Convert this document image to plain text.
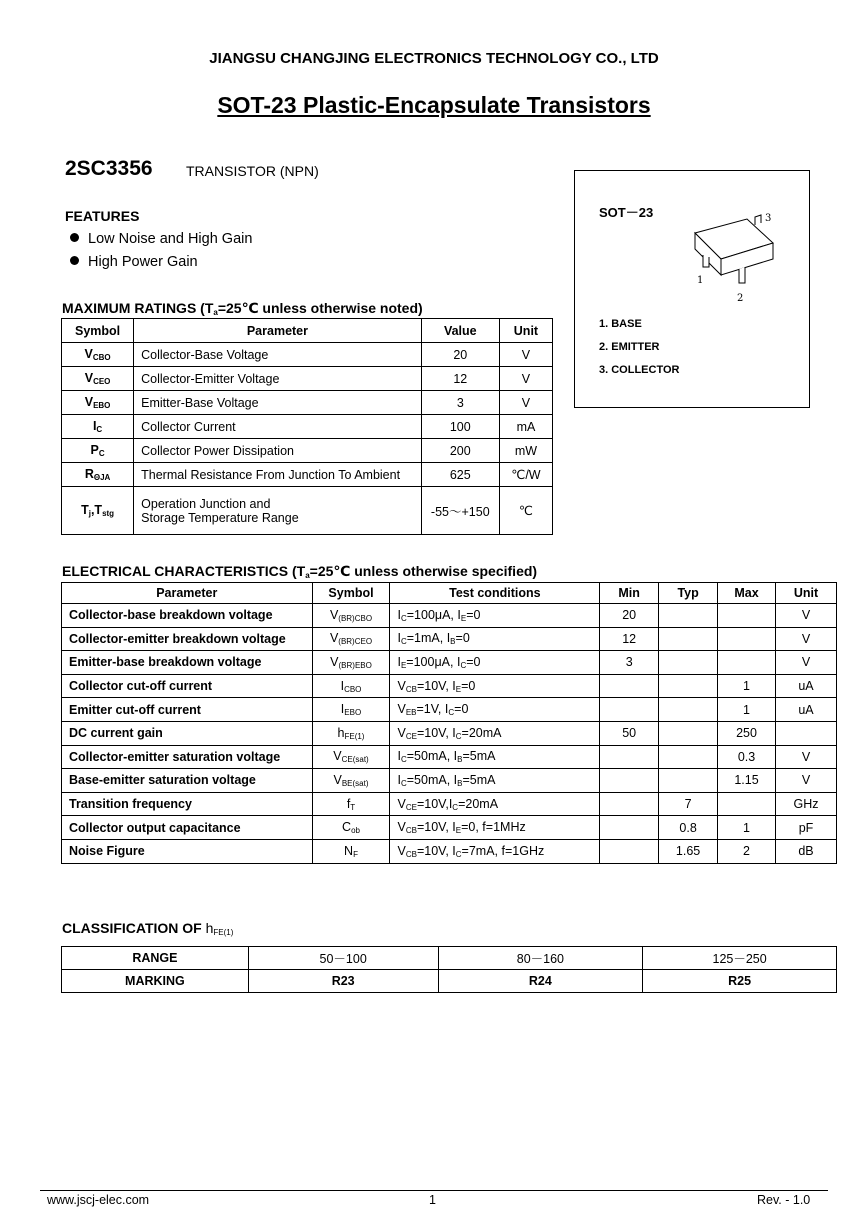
JIANGSU CHANGJING ELECTRONICS TECHNOLOGY CO., LTD
SOT-23 Plastic-Encapsulate Transistors
2SC3356 TRANSISTOR (NPN)
FEATURES
Low Noise and High Gain
High Power Gain
SOT－23	3
1
2
1. BASE
2. EMITTER
3. COLLECTOR
MAXIMUM RATINGS ($T_a=25℃$ unless otherwise noted)
Symbol	Parameter	Value	Unit
$V_{CBO}$	Collector-Base Voltage	20	V
$V_{CEO}$	Collector-Emitter Voltage	12	V
$V_{EBO}$	Emitter-Base Voltage	3	V
$I_C$	Collector Current	100	mA
$P_C$	Collector Power Dissipation	200	mW
$R_{\Theta JA}$	Thermal Resistance From Junction To Ambient	625	℃/W
$T_j,T_{stg}$	Operation Junction and
Storage Temperature Range	-55～+150	℃
ELECTRICAL CHARACTERISTICS ($T_a=25℃$ unless otherwise specified)
Parameter	Symbol	Test conditions	Min	Typ	Max	Unit
Collector-base breakdown voltage	$V_{(BR)CBO}$	$I_C=100\mu A$, $I_E=0$	20			V
Collector-emitter breakdown voltage	$V_{(BR)CEO}$	$I_C=1mA$, $I_B=0$	12			V
Emitter-base breakdown voltage	$V_{(BR)EBO}$	$I_E=100\mu A$, $I_C=0$	3			V
Collector cut-off current	$I_{CBO}$	$V_{CB}=10V$, $I_E=0$			1	uA
Emitter cut-off current	$I_{EBO}$	$V_{EB}=1V$, $I_C=0$			1	uA
DC current gain	$h_{FE(1)}$	$V_{CE}=10V$, $I_C=20mA$	50		250	
Collector-emitter saturation voltage	$V_{CE(sat)}$	$I_C=50mA$, $I_B=5mA$			0.3	V
Base-emitter saturation voltage	$V_{BE(sat)}$	$I_C=50mA$, $I_B=5mA$			1.15	V
Transition frequency	$f_T$	$V_{CE}=10V,I_C=20mA$		7		GHz
Collector output capacitance	$C_{ob}$	$V_{CB}=10V$, $I_E=0$, f=1MHz		0.8	1	pF
Noise Figure	$N_F$	$V_{CB}=10V$, $I_C=7mA$, f=1GHz		1.65	2	dB
CLASSIFICATION OF $h_{FE(1)}$
RANGE	50－100	80－160	125－250
MARKING	R23	R24	R25
www.jscj-elec.com	1	Rev. - 1.0
